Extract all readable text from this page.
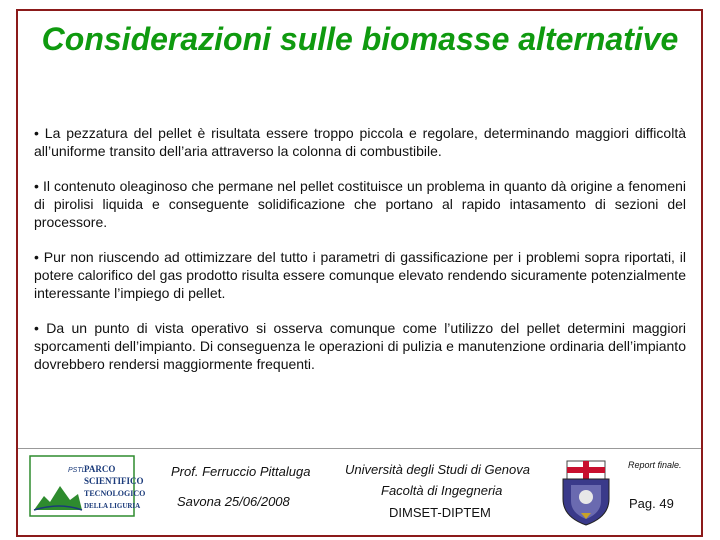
Considerazioni sulle biomasse alternative

• La pezzatura del pellet è risultata essere troppo piccola e regolare, determinando maggiori difficoltà all’uniforme transito dell’aria attraverso la colonna di combustibile.

• Il contenuto oleaginoso che permane nel pellet costituisce un problema in quanto dà origine a fenomeni di pirolisi liquida e conseguente solidificazione che portano al rapido intasamento di sezioni del processore.

• Pur non riuscendo ad ottimizzare del tutto i parametri di gassificazione per i problemi sopra riportati, il potere calorifico del gas prodotto risulta essere comunque elevato rendendo sicuramente potenzialmente interessante l’impiego di pellet.

• Da un punto di vista operativo si osserva comunque come l’utilizzo del pellet determini maggiori sporcamenti dell’impianto. Di conseguenza le operazioni di pulizia e manutenzione ordinaria dell’impianto dovrebbero rendersi maggiormente frequenti.

PSTL
PARCO
SCIENTIFICO
TECNOLOGICO
DELLA LIGURIA
Prof. Ferruccio Pittaluga
Savona 25/06/2008
Università degli Studi di Genova
Facoltà di Ingegneria
DIMSET-DIPTEM
Report finale.
Pag. 49
